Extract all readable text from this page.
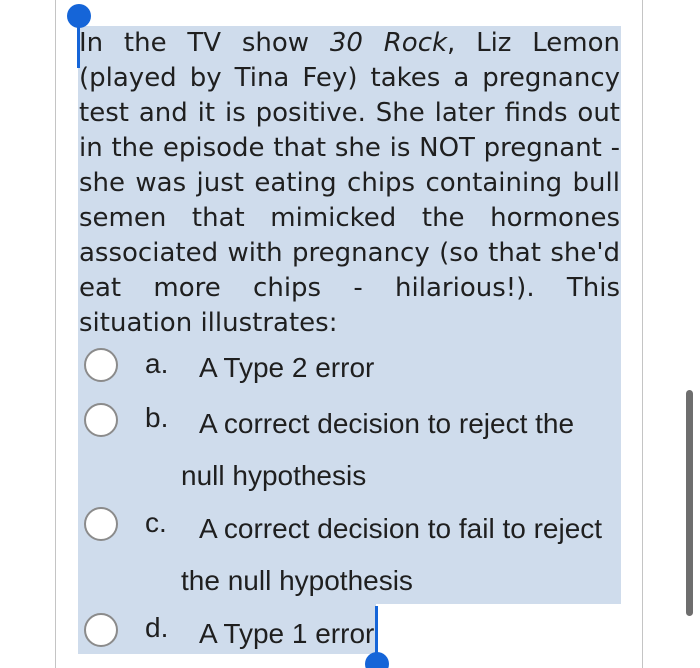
In the TV show 30 Rock, Liz Lemon (played by Tina Fey) takes a pregnancy test and it is positive. She later finds out in the episode that she is NOT pregnant - she was just eating chips containing bull semen that mimicked the hormones associated with pregnancy (so that she'd eat more chips - hilarious!). This situation illustrates:

a. A Type 2 error
b. A correct decision to reject the
null hypothesis
c. A correct decision to fail to reject
the null hypothesis
d. A Type 1 error
